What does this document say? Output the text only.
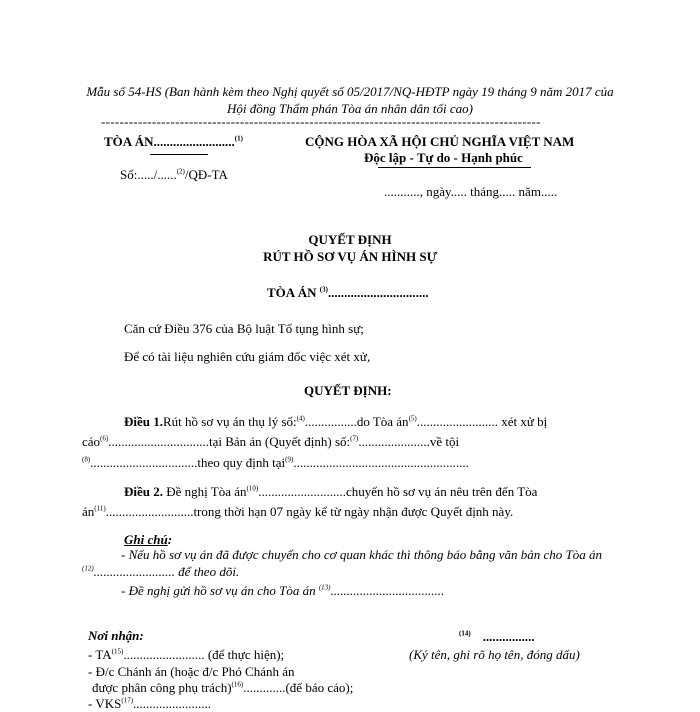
Mẫu số 54-HS (Ban hành kèm theo Nghị quyết số 05/2017/NQ-HĐTP ngày 19 tháng 9 năm 2017 của
Hội đồng Thẩm phán Tòa án nhân dân tối cao)
-----------------------------------------------------------------------------------------------
TÒA ÁN.........................$^{(1)}$
Số:...../......$^{(2)}$/QĐ-TA
CỘNG HÒA XÃ HỘI CHỦ NGHĨA VIỆT NAM
Độc lập - Tự do - Hạnh phúc
..........., ngày..... tháng..... năm.....
QUYẾT ĐỊNH
RÚT HỒ SƠ VỤ ÁN HÌNH SỰ
TÒA ÁN $^{(3)}$...............................
Căn cứ Điều 376 của Bộ luật Tố tụng hình sự;
Để có tài liệu nghiên cứu giám đốc việc xét xử,
QUYẾT ĐỊNH:
Điều 1.Rút hồ sơ vụ án thụ lý số:$^{(4)}$................do Tòa $án^{(5)}$......................... xét xử bị
cáo$^{(6)}$...............................tại Bản án (Quyết định) số:$^{(7)}$......................về tội
$^{(8)}$.................................theo quy định tại$^{(9)}$......................................................
Điều 2. Đề nghị Tòa $án^{(10)}...........................chuyển$ hồ sơ vụ án nêu trên đến Tòa
$án^{(11)}...........................trong$ thời hạn 07 ngày kể từ ngày nhận được Quyết định này.
Ghi chú:
- Nếu hồ sơ vụ án đã được chuyển cho cơ quan khác thì thông báo bằng văn bản cho Tòa án
$^{(12)}$......................... để theo dõi.
- Đề nghị gửi hồ sơ vụ án cho Tòa án $^{(13)}$...................................
Nơi nhận:
- TA$^{(15)}$......................... (để thực hiện);
- Đ/c Chánh án (hoặc đ/c Phó Chánh án
được phân công phụ trách)$^{(16)}$.............(để báo cáo);
- VKS$^{(17)}$........................
$^{(14)}$ ................
(Ký tên, ghi rõ họ tên, đóng dấu)
